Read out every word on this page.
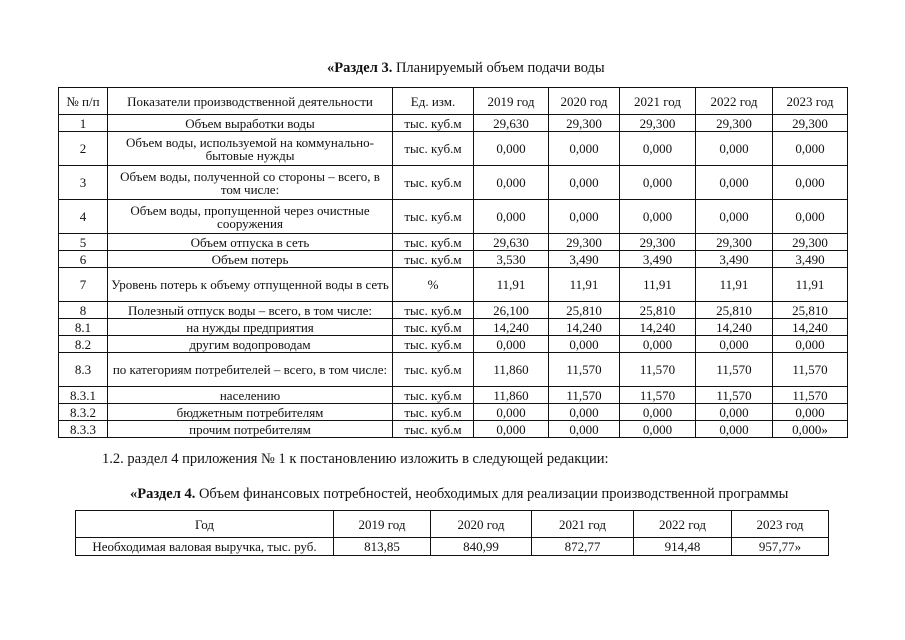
«Раздел 3. Планируемый объем подачи воды
№ п/п	Показатели производственной деятельности	Ед. изм.	2019 год	2020 год	2021 год	2022 год	2023 год
1	Объем выработки воды	тыс. куб.м	29,630	29,300	29,300	29,300	29,300
2	Объем воды, используемой на коммунально-бытовые нужды	тыс. куб.м	0,000	0,000	0,000	0,000	0,000
3	Объем воды, полученной со стороны – всего, в том числе:	тыс. куб.м	0,000	0,000	0,000	0,000	0,000
4	Объем воды, пропущенной через очистные сооружения	тыс. куб.м	0,000	0,000	0,000	0,000	0,000
5	Объем отпуска в сеть	тыс. куб.м	29,630	29,300	29,300	29,300	29,300
6	Объем потерь	тыс. куб.м	3,530	3,490	3,490	3,490	3,490
7	Уровень потерь к объему отпущенной воды в сеть	%	11,91	11,91	11,91	11,91	11,91
8	Полезный отпуск воды – всего, в том числе:	тыс. куб.м	26,100	25,810	25,810	25,810	25,810
8.1	на нужды предприятия	тыс. куб.м	14,240	14,240	14,240	14,240	14,240
8.2	другим водопроводам	тыс. куб.м	0,000	0,000	0,000	0,000	0,000
8.3	по категориям потребителей – всего, в том числе:	тыс. куб.м	11,860	11,570	11,570	11,570	11,570
8.3.1	населению	тыс. куб.м	11,860	11,570	11,570	11,570	11,570
8.3.2	бюджетным потребителям	тыс. куб.м	0,000	0,000	0,000	0,000	0,000
8.3.3	прочим потребителям	тыс. куб.м	0,000	0,000	0,000	0,000	0,000»
1.2. раздел 4 приложения № 1 к постановлению изложить в следующей редакции:
«Раздел 4. Объем финансовых потребностей, необходимых для реализации производственной программы
Год	2019 год	2020 год	2021 год	2022 год	2023 год
Необходимая валовая выручка, тыс. руб.	813,85	840,99	872,77	914,48	957,77»
